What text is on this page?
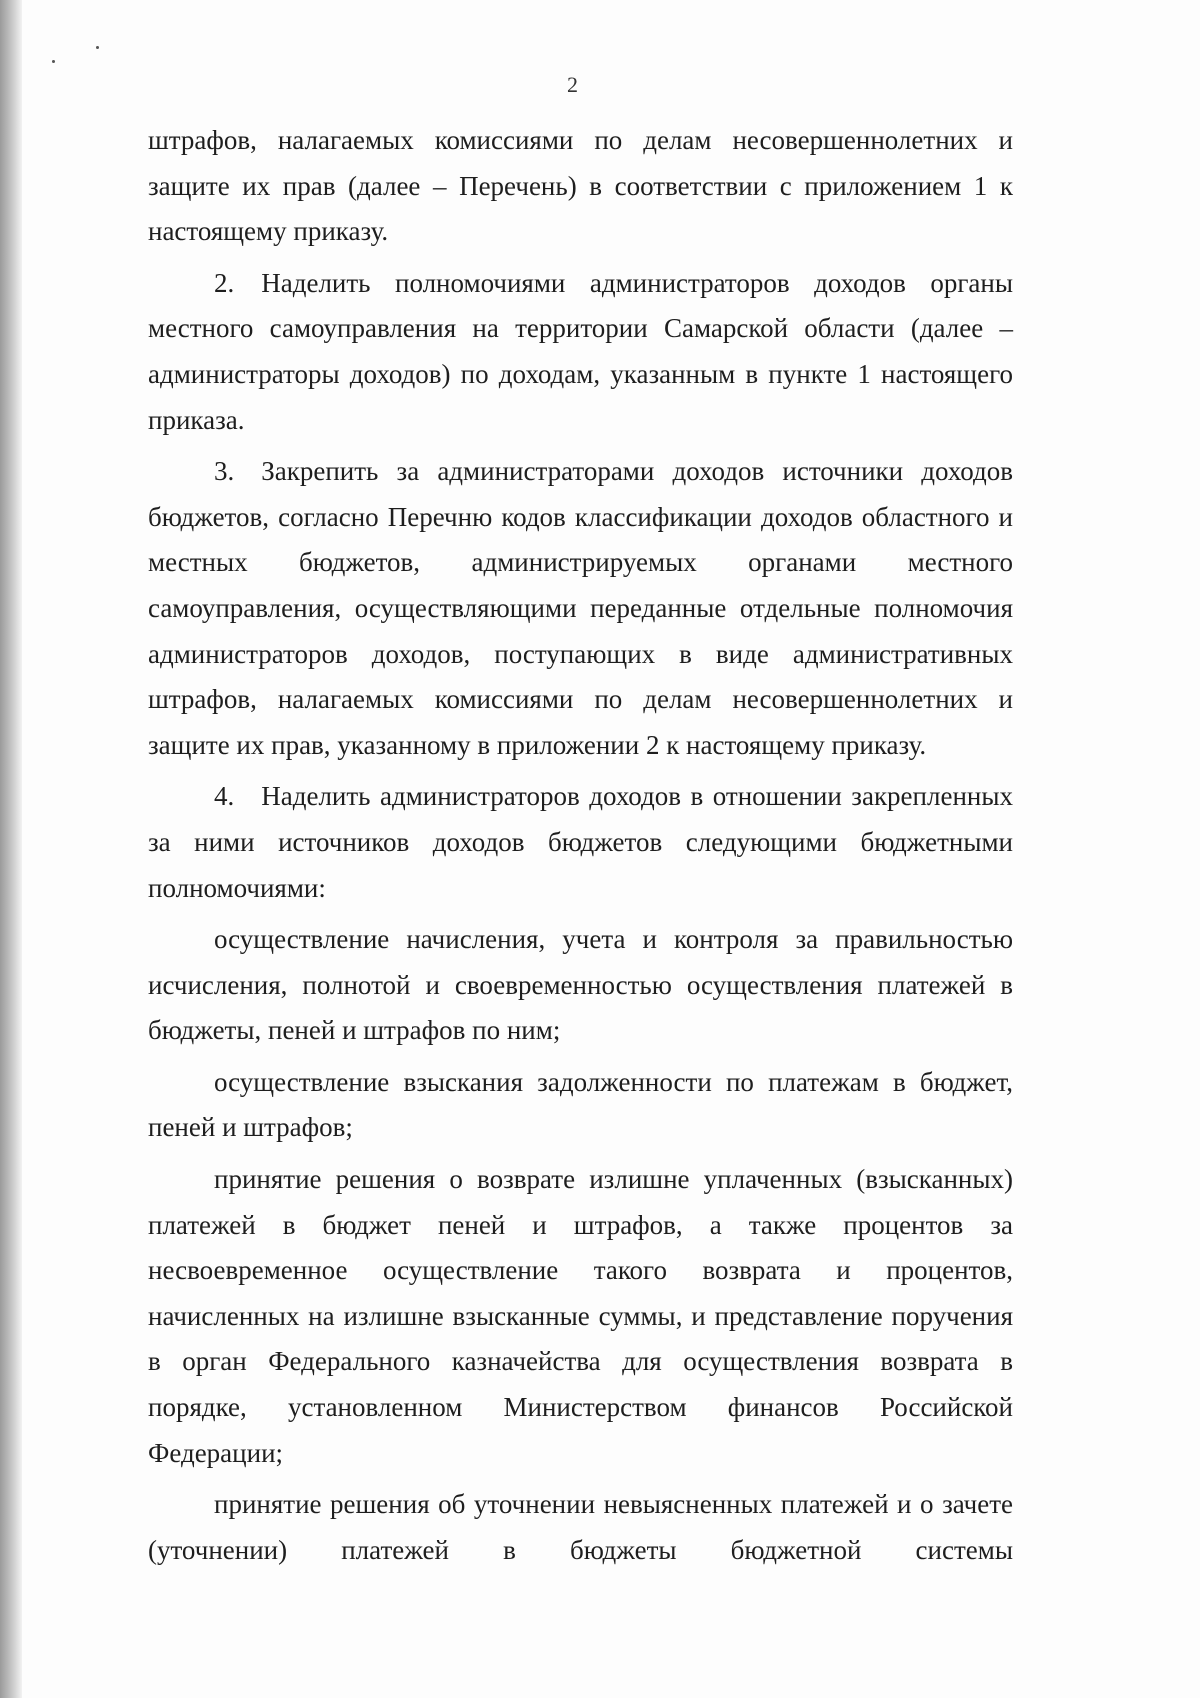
2

штрафов, налагаемых комиссиями по делам несовершеннолетних и защите их прав (далее – Перечень) в соответствии с приложением 1 к настоящему приказу.

2. Наделить полномочиями администраторов доходов органы местного самоуправления на территории Самарской области (далее – администраторы доходов) по доходам, указанным в пункте 1 настоящего приказа.

3. Закрепить за администраторами доходов источники доходов бюджетов, согласно Перечню кодов классификации доходов областного и местных бюджетов, администрируемых органами местного самоуправления, осуществляющими переданные отдельные полномочия администраторов доходов, поступающих в виде административных штрафов, налагаемых комиссиями по делам несовершеннолетних и защите их прав, указанному в приложении 2 к настоящему приказу.

4. Наделить администраторов доходов в отношении закрепленных за ними источников доходов бюджетов следующими бюджетными полномочиями:

осуществление начисления, учета и контроля за правильностью исчисления, полнотой и своевременностью осуществления платежей в бюджеты, пеней и штрафов по ним;

осуществление взыскания задолженности по платежам в бюджет, пеней и штрафов;

принятие решения о возврате излишне уплаченных (взысканных) платежей в бюджет пеней и штрафов, а также процентов за несвоевременное осуществление такого возврата и процентов, начисленных на излишне взысканные суммы, и представление поручения в орган Федерального казначейства для осуществления возврата в порядке, установленном Министерством финансов Российской Федерации;

принятие решения об уточнении невыясненных платежей и о зачете (уточнении) платежей в бюджеты бюджетной системы
